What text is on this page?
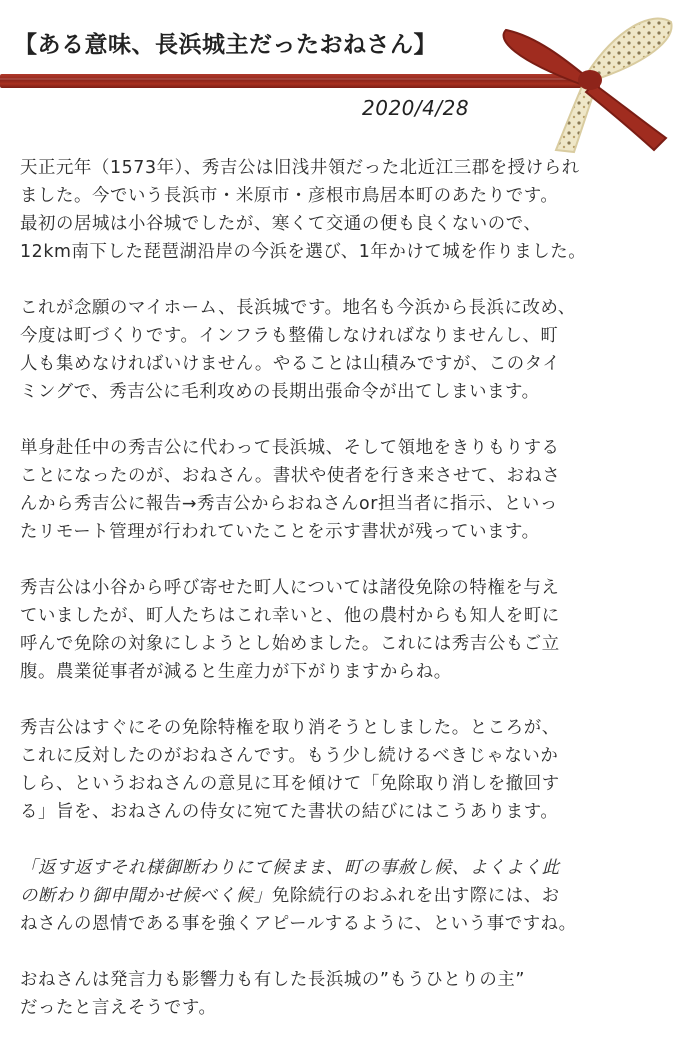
【ある意味、長浜城主だったおねさん】
2020/4/28
天正元年（1573年）、秀吉公は旧浅井領だった北近江三郡を授けられ
ました。今でいう長浜市・米原市・彦根市鳥居本町のあたりです。
最初の居城は小谷城でしたが、寒くて交通の便も良くないので、
12km南下した琵琶湖沿岸の今浜を選び、1年かけて城を作りました。
これが念願のマイホーム、長浜城です。地名も今浜から長浜に改め、
今度は町づくりです。インフラも整備しなければなりませんし、町
人も集めなければいけません。やることは山積みですが、このタイ
ミングで、秀吉公に毛利攻めの長期出張命令が出てしまいます。
単身赴任中の秀吉公に代わって長浜城、そして領地をきりもりする
ことになったのが、おねさん。書状や使者を行き来させて、おねさ
んから秀吉公に報告→秀吉公からおねさんor担当者に指示、といっ
たリモート管理が行われていたことを示す書状が残っています。
秀吉公は小谷から呼び寄せた町人については諸役免除の特権を与え
ていましたが、町人たちはこれ幸いと、他の農村からも知人を町に
呼んで免除の対象にしようとし始めました。これには秀吉公もご立
腹。農業従事者が減ると生産力が下がりますからね。
秀吉公はすぐにその免除特権を取り消そうとしました。ところが、
これに反対したのがおねさんです。もう少し続けるべきじゃないか
しら、というおねさんの意見に耳を傾けて「免除取り消しを撤回す
る」旨を、おねさんの侍女に宛てた書状の結びにはこうあります。
「返す返すそれ様御断わりにて候まま、町の事赦し候、よくよく此
の断わり御申聞かせ候べく候」免除続行のおふれを出す際には、お
ねさんの恩情である事を強くアピールするように、という事ですね。
おねさんは発言力も影響力も有した長浜城の”もうひとりの主”
だったと言えそうです。
